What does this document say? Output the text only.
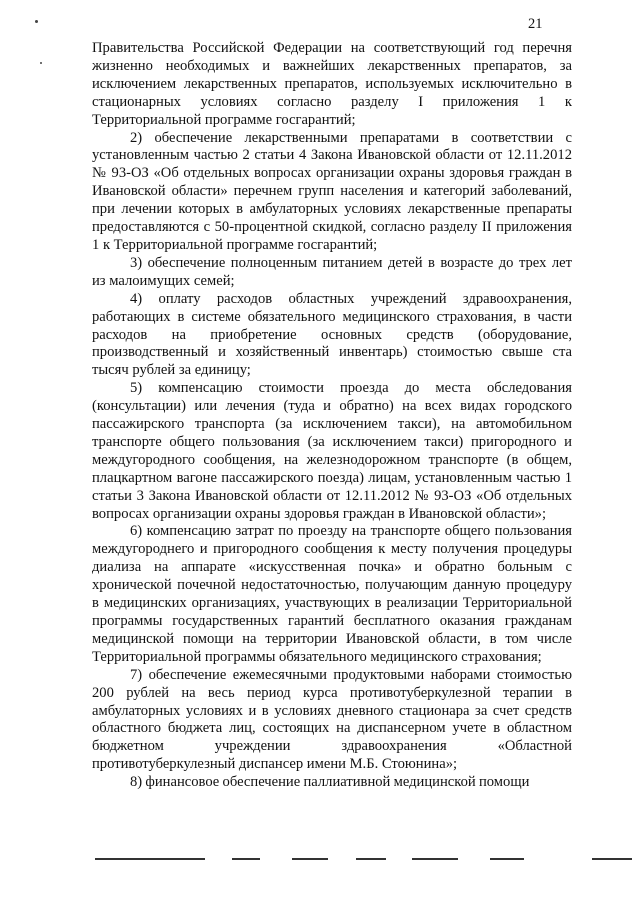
21

Правительства Российской Федерации на соответствующий год перечня жизненно необходимых и важнейших лекарственных препаратов, за исключением лекарственных препаратов, используемых исключительно в стационарных условиях согласно разделу I приложения 1 к Территориальной программе госгарантий;

2) обеспечение лекарственными препаратами в соответствии с установленным частью 2 статьи 4 Закона Ивановской области от 12.11.2012 № 93-ОЗ «Об отдельных вопросах организации охраны здоровья граждан в Ивановской области» перечнем групп населения и категорий заболеваний, при лечении которых в амбулаторных условиях лекарственные препараты предоставляются с 50-процентной скидкой, согласно разделу II приложения 1 к Территориальной программе госгарантий;

3) обеспечение полноценным питанием детей в возрасте до трех лет из малоимущих семей;

4) оплату расходов областных учреждений здравоохранения, работающих в системе обязательного медицинского страхования, в части расходов на приобретение основных средств (оборудование, производственный и хозяйственный инвентарь) стоимостью свыше ста тысяч рублей за единицу;

5) компенсацию стоимости проезда до места обследования (консультации) или лечения (туда и обратно) на всех видах городского пассажирского транспорта (за исключением такси), на автомобильном транспорте общего пользования (за исключением такси) пригородного и междугородного сообщения, на железнодорожном транспорте (в общем, плацкартном вагоне пассажирского поезда) лицам, установленным частью 1 статьи 3 Закона Ивановской области от 12.11.2012 № 93-ОЗ «Об отдельных вопросах организации охраны здоровья граждан в Ивановской области»;

6) компенсацию затрат по проезду на транспорте общего пользования междугороднего и пригородного сообщения к месту получения процедуры диализа на аппарате «искусственная почка» и обратно больным с хронической почечной недостаточностью, получающим данную процедуру в медицинских организациях, участвующих в реализации Территориальной программы государственных гарантий бесплатного оказания гражданам медицинской помощи на территории Ивановской области, в том числе Территориальной программы обязательного медицинского страхования;

7) обеспечение ежемесячными продуктовыми наборами стоимостью 200 рублей на весь период курса противотуберкулезной терапии в амбулаторных условиях и в условиях дневного стационара за счет средств областного бюджета лиц, состоящих на диспансерном учете в областном бюджетном учреждении здравоохранения «Областной противотуберкулезный диспансер имени М.Б. Стоюнина»;

8) финансовое обеспечение паллиативной медицинской помощи
